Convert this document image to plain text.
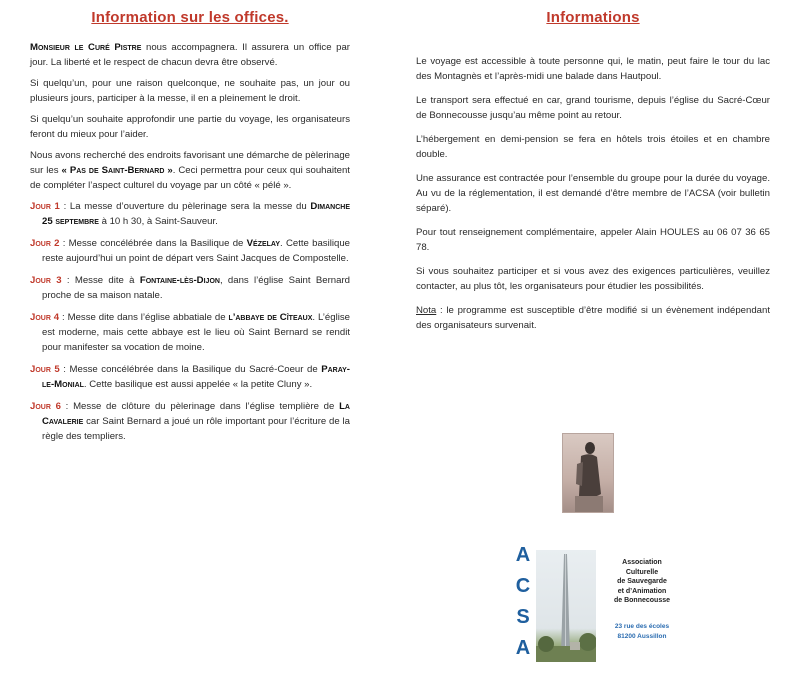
Information sur les offices.

Monsieur le Curé Pistre nous accompagnera. Il assurera un office par jour. La liberté et le respect de chacun devra être observé.

Si quelqu’un, pour une raison quelconque, ne souhaite pas, un jour ou plusieurs jours, participer à la messe, il en a pleinement le droit.

Si quelqu’un souhaite approfondir une partie du voyage, les organisateurs feront du mieux pour l’aider.

Nous avons recherché des endroits favorisant une démarche de pèlerinage sur les « Pas de Saint-Bernard ». Ceci permettra pour ceux qui souhaitent de compléter l’aspect culturel du voyage par un côté « pélé ».

Jour 1 : La messe d’ouverture du pèlerinage sera la messe du Dimanche 25 septembre à 10 h 30, à Saint-Sauveur.
Jour 2 : Messe concélébrée dans la Basilique de Vézelay. Cette basilique reste aujourd’hui un point de départ vers Saint Jacques de Compostelle.
Jour 3 : Messe dite à Fontaine-lès-Dijon, dans l’église Saint Bernard proche de sa maison natale.
Jour 4 : Messe dite dans l’église abbatiale de l’abbaye de Cîteaux. L’église est moderne, mais cette abbaye est le lieu où Saint Bernard se rendit pour manifester sa vocation de moine.
Jour 5 : Messe concélébrée dans la Basilique du Sacré-Coeur de Paray-le-Monial. Cette basilique est aussi appelée « la petite Cluny ».
Jour 6 : Messe de clôture du pèlerinage dans l’église templière de La Cavalerie car Saint Bernard a joué un rôle important pour l’écriture de la règle des templiers.
Informations

Le voyage est accessible à toute personne qui, le matin, peut faire le tour du lac des Montagnès et l’après-midi une balade dans Hautpoul.

Le transport sera effectué en car, grand tourisme, depuis l’église du Sacré-Cœur de Bonnecousse jusqu’au même point au retour.

L’hébergement en demi-pension se fera en hôtels trois étoiles et en chambre double.

Une assurance est contractée pour l’ensemble du groupe pour la durée du voyage. Au vu de la réglementation, il est demandé d’être membre de l’ACSA (voir bulletin séparé).

Pour tout renseignement complémentaire, appeler Alain HOULES au 06 07 36 65 78.

Si vous souhaitez participer et si vous avez des exigences particulières, veuillez contacter, au plus tôt, les organisateurs pour étudier les possibilités.

Nota : le programme est susceptible d’être modifié si un évènement indépendant des organisateurs survenait.

A
C
S
A
Association
Culturelle
de Sauvegarde
et d’Animation
de Bonnecousse
23 rue des écoles
81200 Aussillon
